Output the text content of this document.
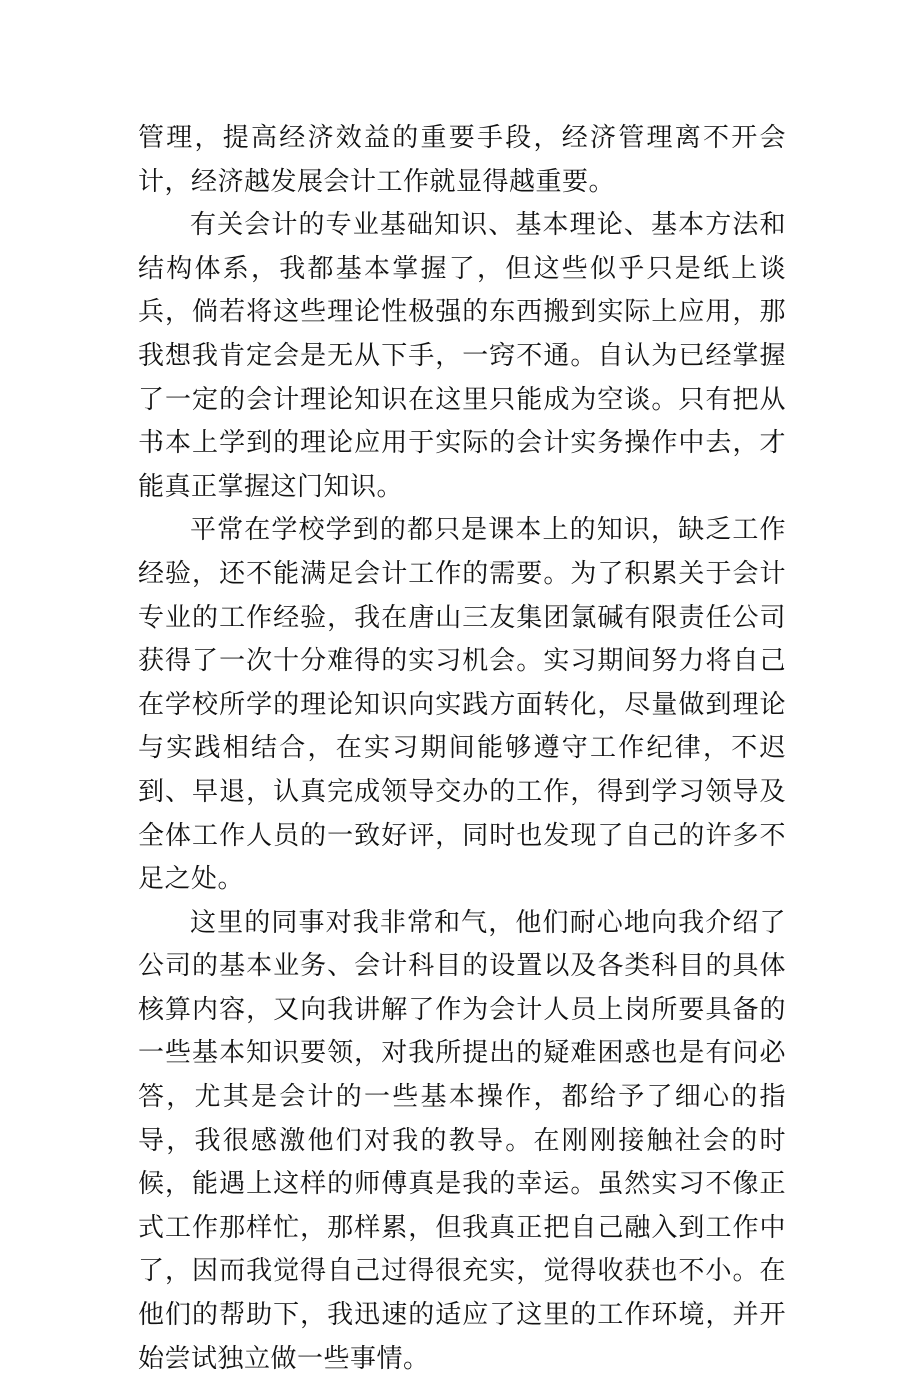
管理，提高经济效益的重要手段，经济管理离不开会计，经济越发展会计工作就显得越重要。

有关会计的专业基础知识、基本理论、基本方法和结构体系，我都基本掌握了，但这些似乎只是纸上谈兵，倘若将这些理论性极强的东西搬到实际上应用，那我想我肯定会是无从下手，一窍不通。自认为已经掌握了一定的会计理论知识在这里只能成为空谈。只有把从书本上学到的理论应用于实际的会计实务操作中去，才能真正掌握这门知识。

平常在学校学到的都只是课本上的知识，缺乏工作经验，还不能满足会计工作的需要。为了积累关于会计专业的工作经验，我在唐山三友集团氯碱有限责任公司获得了一次十分难得的实习机会。实习期间努力将自己在学校所学的理论知识向实践方面转化，尽量做到理论与实践相结合，在实习期间能够遵守工作纪律，不迟到、早退，认真完成领导交办的工作，得到学习领导及全体工作人员的一致好评，同时也发现了自己的许多不足之处。

这里的同事对我非常和气，他们耐心地向我介绍了公司的基本业务、会计科目的设置以及各类科目的具体核算内容，又向我讲解了作为会计人员上岗所要具备的一些基本知识要领，对我所提出的疑难困惑也是有问必答，尤其是会计的一些基本操作，都给予了细心的指导，我很感激他们对我的教导。在刚刚接触社会的时候，能遇上这样的师傅真是我的幸运。虽然实习不像正式工作那样忙，那样累，但我真正把自己融入到工作中了，因而我觉得自己过得很充实，觉得收获也不小。在他们的帮助下，我迅速的适应了这里的工作环境，并开始尝试独立做一些事情。
